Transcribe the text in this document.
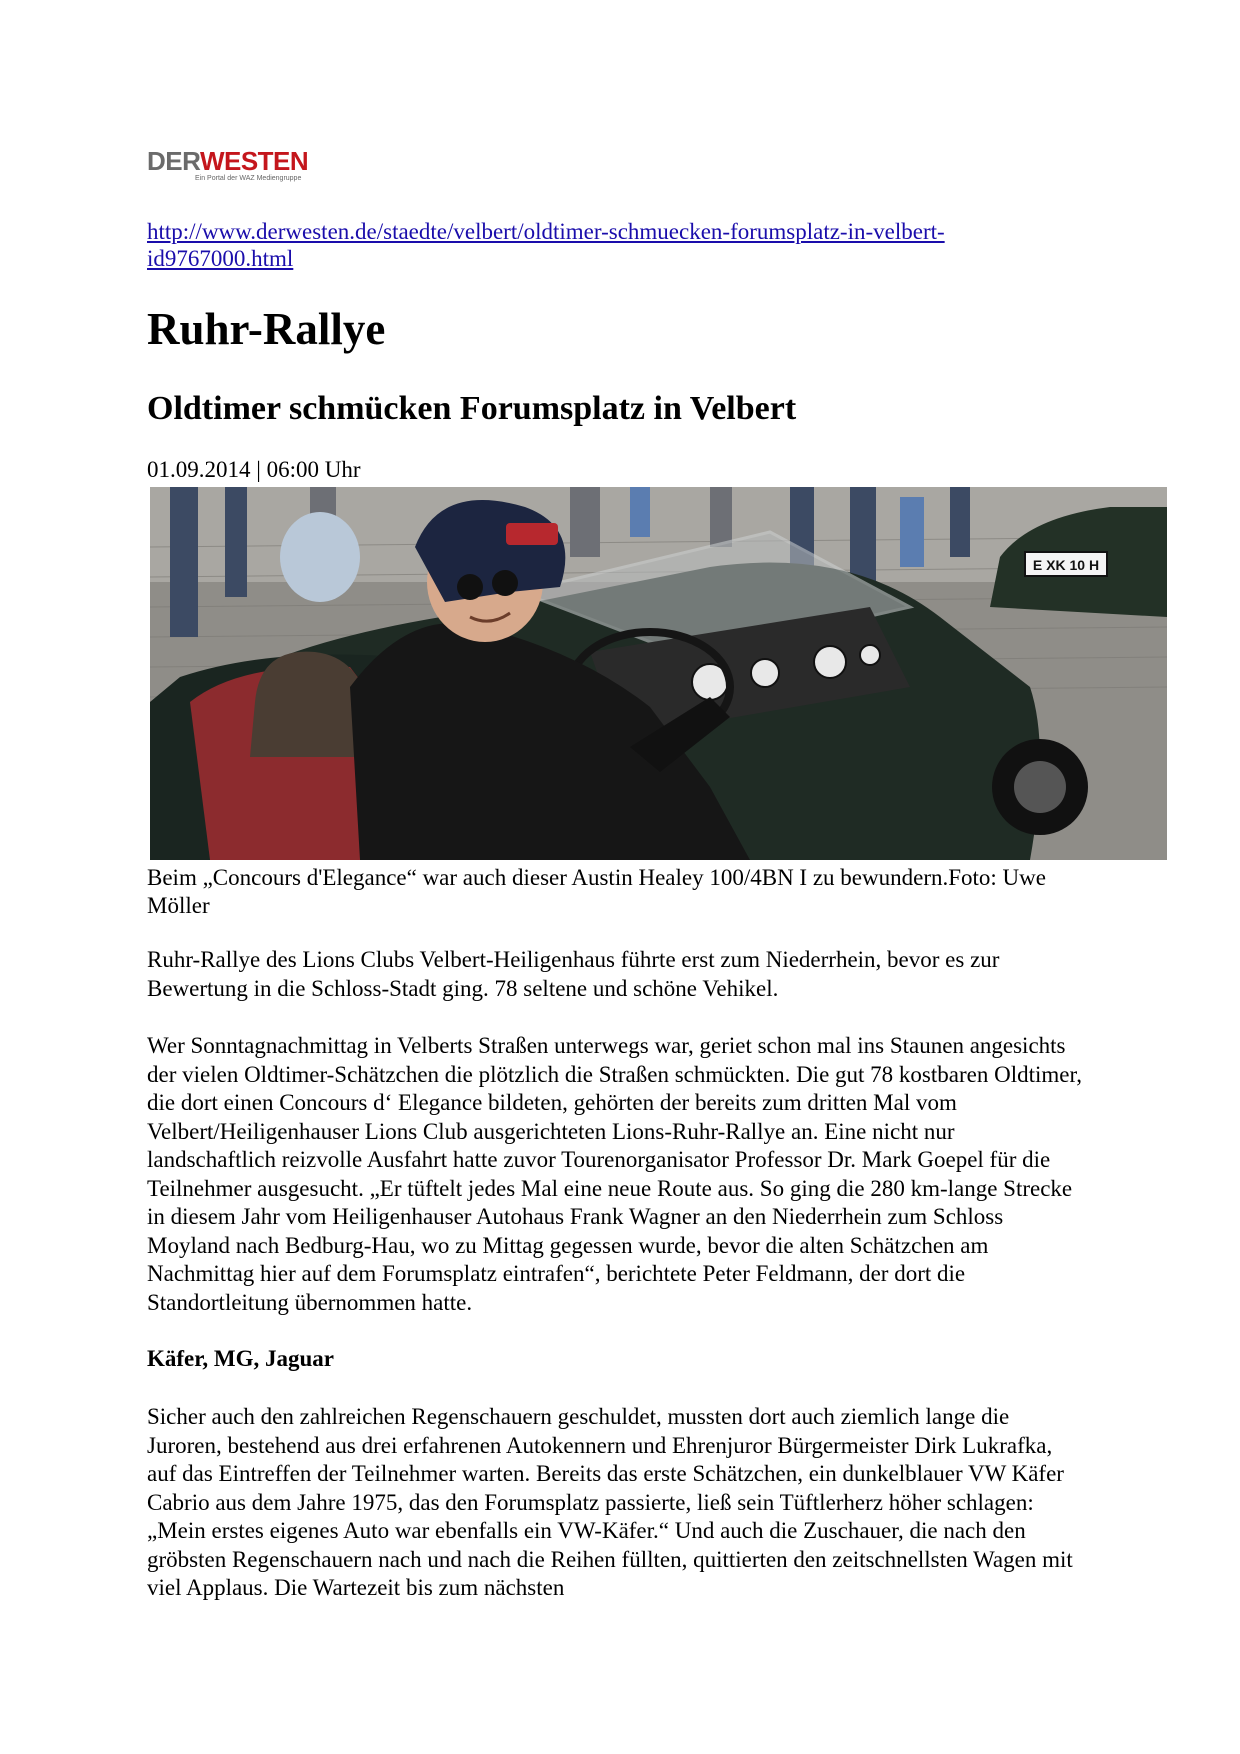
DERWESTEN
Ein Portal der WAZ Mediengruppe
http://www.derwesten.de/staedte/velbert/oldtimer-schmuecken-forumsplatz-in-velbert-
id9767000.html
Ruhr-Rallye
Oldtimer schmücken Forumsplatz in Velbert
01.09.2014 | 06:00 Uhr
E XK 10 H
Beim „Concours d'Elegance“ war auch dieser Austin Healey 100/4BN I zu bewundern.Foto: Uwe Möller

Ruhr-Rallye des Lions Clubs Velbert-Heiligenhaus führte erst zum Niederrhein, bevor es zur Bewertung in die Schloss-Stadt ging. 78 seltene und schöne Vehikel.

Wer Sonntagnachmittag in Velberts Straßen unterwegs war, geriet schon mal ins Staunen angesichts der vielen Oldtimer-Schätzchen die plötzlich die Straßen schmückten. Die gut 78 kostbaren Oldtimer, die dort einen Concours d‘ Elegance bildeten, gehörten der bereits zum dritten Mal vom Velbert/Heiligenhauser Lions Club ausgerichteten Lions-Ruhr-Rallye an. Eine nicht nur landschaftlich reizvolle Ausfahrt hatte zuvor Tourenorganisator Professor Dr. Mark Goepel für die Teilnehmer ausgesucht. „Er tüftelt jedes Mal eine neue Route aus. So ging die 280 km-lange Strecke in diesem Jahr vom Heiligenhauser Autohaus Frank Wagner an den Niederrhein zum Schloss Moyland nach Bedburg-Hau, wo zu Mittag gegessen wurde, bevor die alten Schätzchen am Nachmittag hier auf dem Forumsplatz eintrafen“, berichtete Peter Feldmann, der dort die Standortleitung übernommen hatte.

Käfer, MG, Jaguar

Sicher auch den zahlreichen Regenschauern geschuldet, mussten dort auch ziemlich lange die Juroren, bestehend aus drei erfahrenen Autokennern und Ehrenjuror Bürgermeister Dirk Lukrafka, auf das Eintreffen der Teilnehmer warten. Bereits das erste Schätzchen, ein dunkelblauer VW Käfer Cabrio aus dem Jahre 1975, das den Forumsplatz passierte, ließ sein Tüftlerherz höher schlagen: „Mein erstes eigenes Auto war ebenfalls ein VW-Käfer.“ Und auch die Zuschauer, die nach den gröbsten Regenschauern nach und nach die Reihen füllten, quittierten den zeitschnellsten Wagen mit viel Applaus. Die Wartezeit bis zum nächsten
